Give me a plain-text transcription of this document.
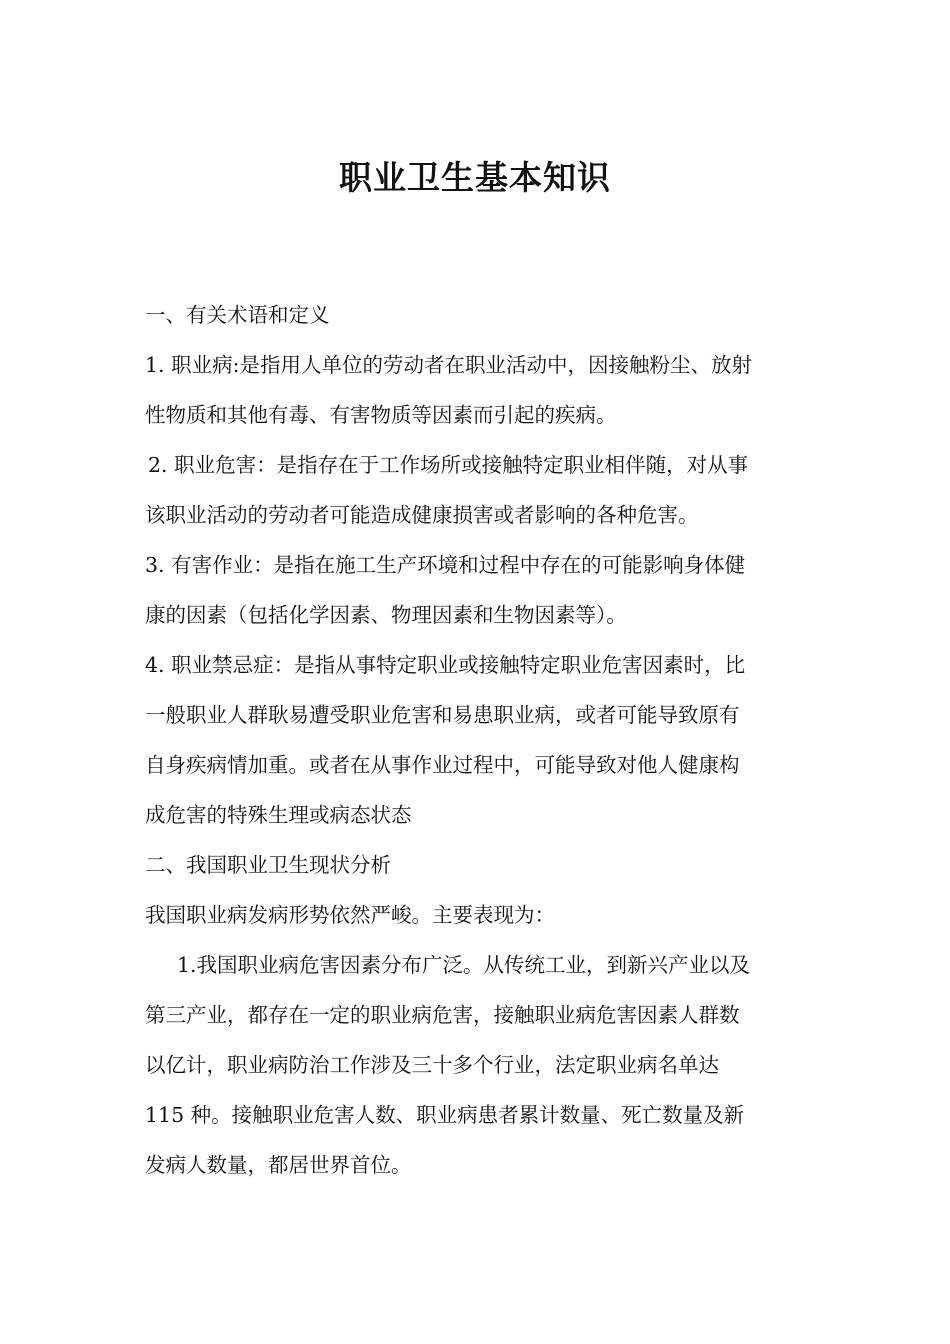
职业卫生基本知识
一、有关术语和定义
1. 职业病:是指用人单位的劳动者在职业活动中，因接触粉尘、放射
性物质和其他有毒、有害物质等因素而引起的疾病。
2. 职业危害：是指存在于工作场所或接触特定职业相伴随，对从事
该职业活动的劳动者可能造成健康损害或者影响的各种危害。
3. 有害作业：是指在施工生产环境和过程中存在的可能影响身体健
康的因素（包括化学因素、物理因素和生物因素等）。
4. 职业禁忌症：是指从事特定职业或接触特定职业危害因素时，比
一般职业人群耿易遭受职业危害和易患职业病，或者可能导致原有
自身疾病情加重。或者在从事作业过程中，可能导致对他人健康构
成危害的特殊生理或病态状态
二、我国职业卫生现状分析
我国职业病发病形势依然严峻。主要表现为：
1.我国职业病危害因素分布广泛。从传统工业，到新兴产业以及
第三产业，都存在一定的职业病危害，接触职业病危害因素人群数
以亿计，职业病防治工作涉及三十多个行业，法定职业病名单达
115 种。接触职业危害人数、职业病患者累计数量、死亡数量及新
发病人数量，都居世界首位。
